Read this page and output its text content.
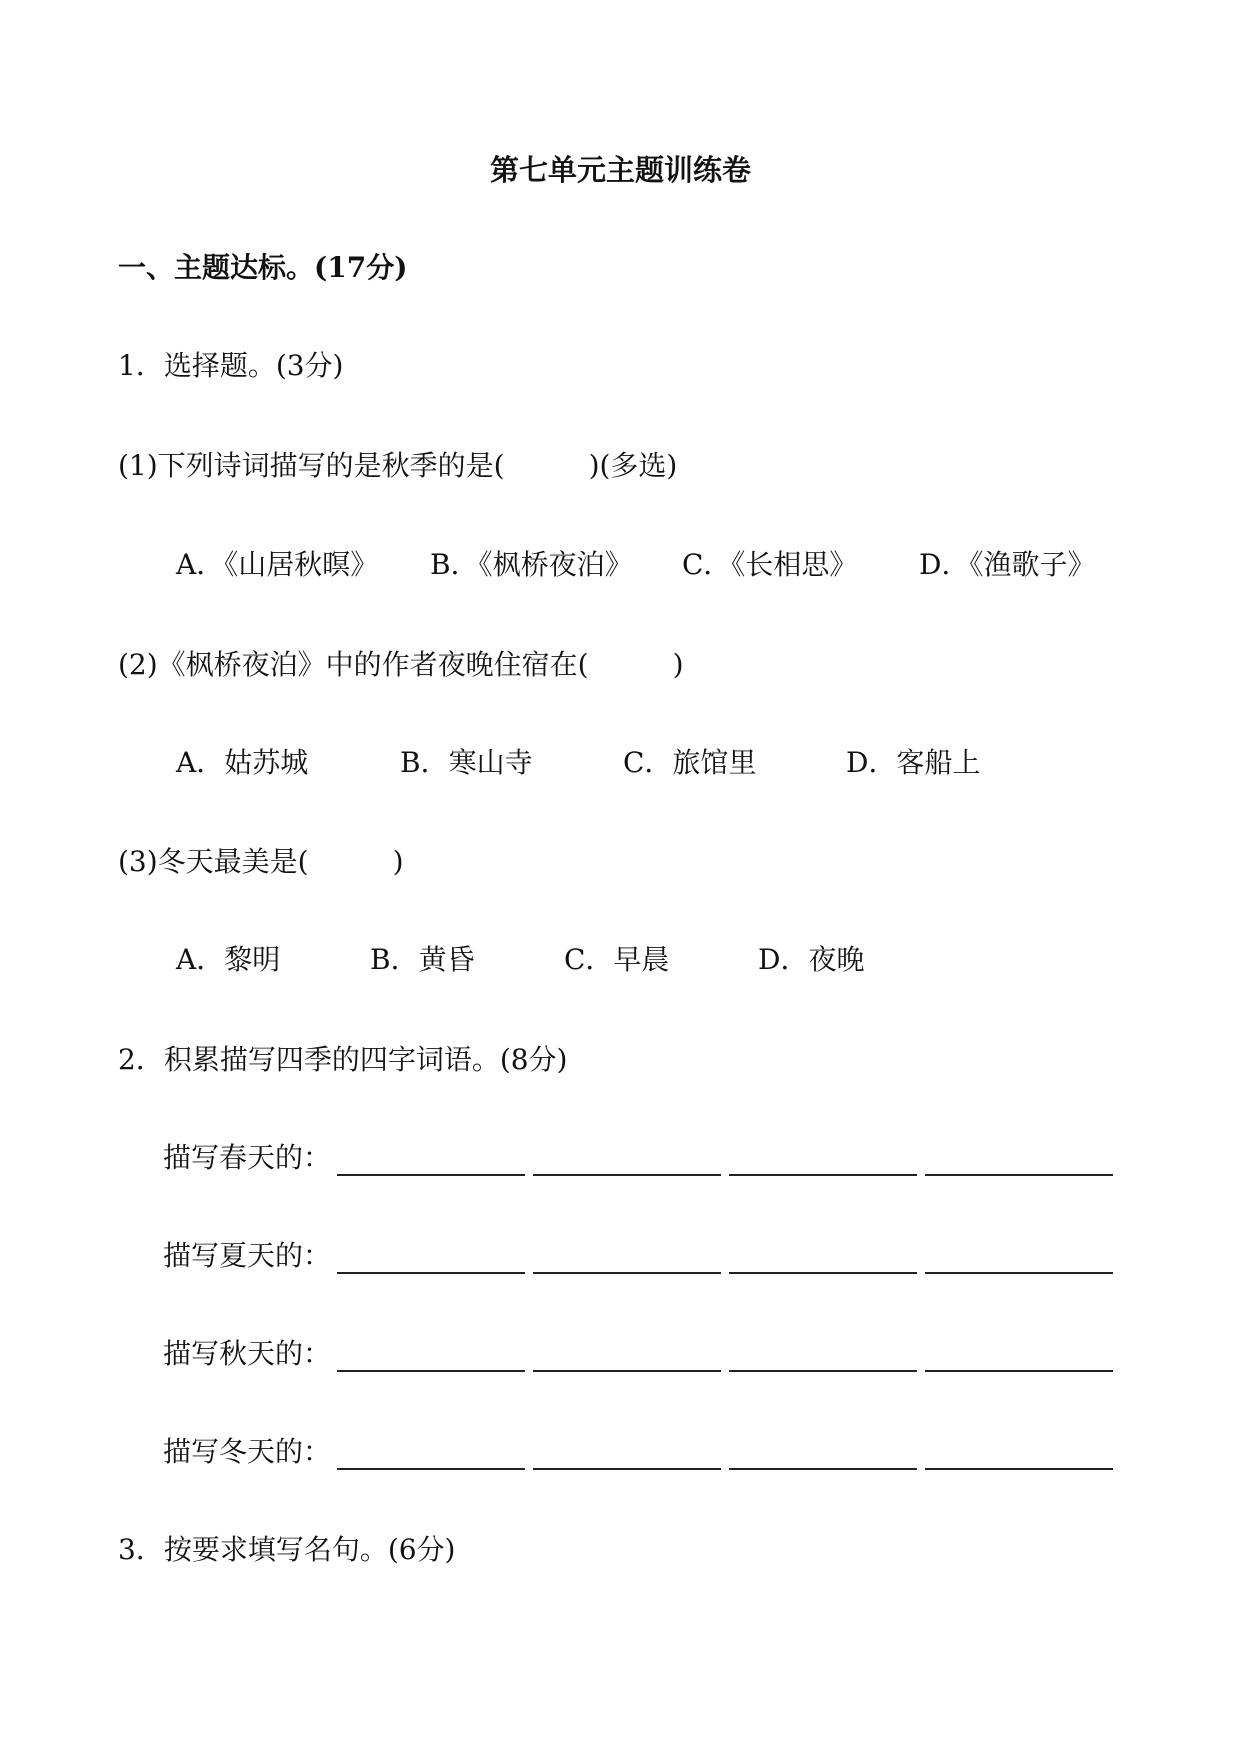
第七单元主题训练卷
一、主题达标。(17分)
1．选择题。(3分)
(1)下列诗词描写的是秋季的是(　　　)(多选)
A．《山居秋暝》 B．《枫桥夜泊》 C．《长相思》 D．《渔歌子》
(2)《枫桥夜泊》中的作者夜晚住宿在(　　　)
A．姑苏城	B．寒山寺	C．旅馆里	D．客船上
(3)冬天最美是(　　　)
A．黎明	B．黄昏	C．早晨	D．夜晚
2．积累描写四季的四字词语。(8分)
描写春天的：
描写夏天的：
描写秋天的：
描写冬天的：
3．按要求填写名句。(6分)
